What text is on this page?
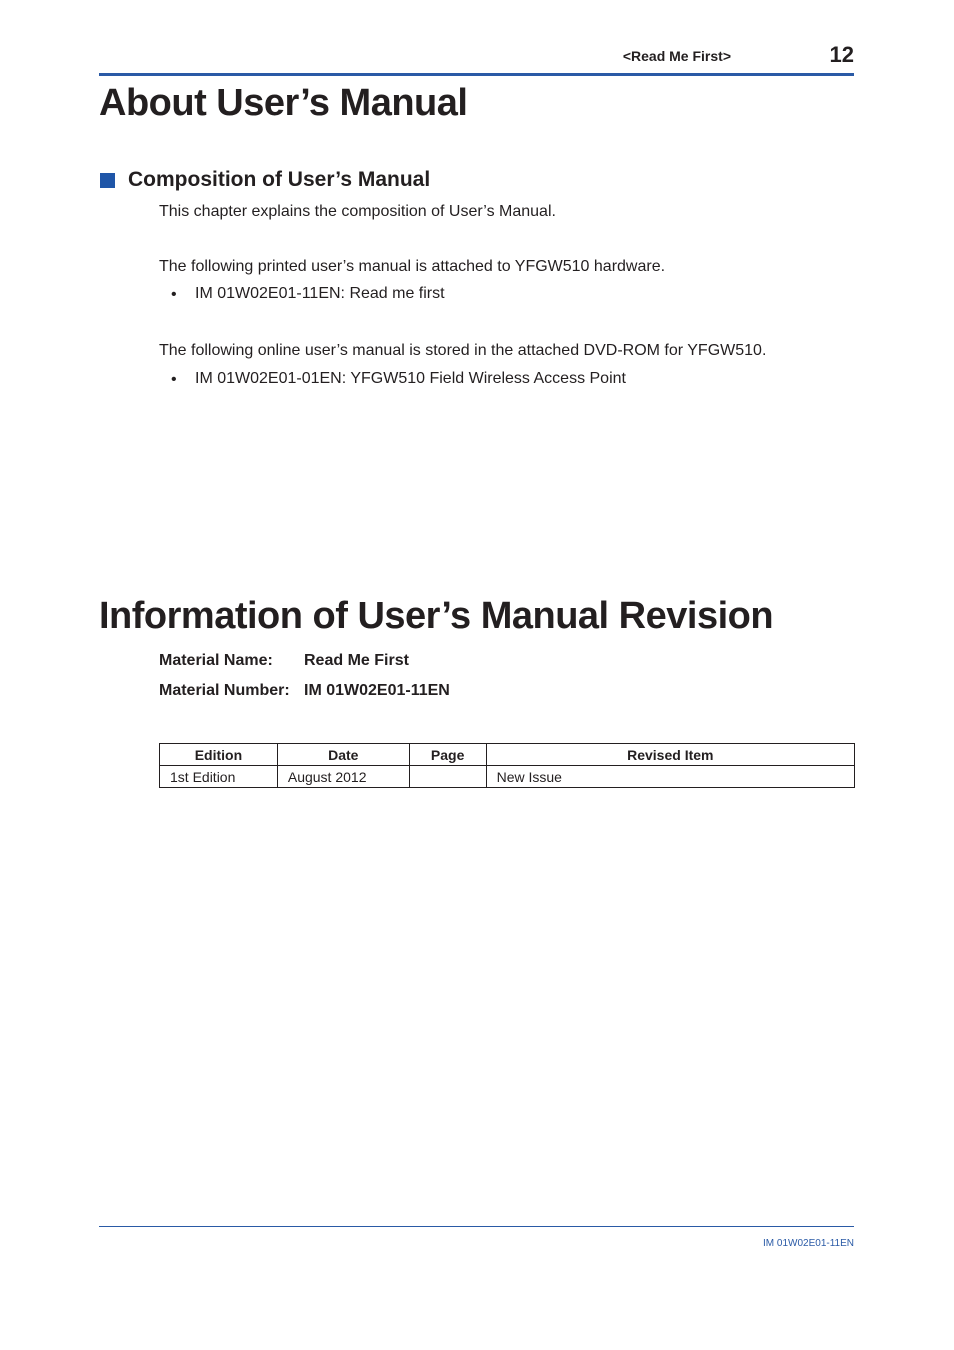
<Read Me First>	12
About User’s Manual
Composition of User’s Manual
This chapter explains the composition of User’s Manual.
The following printed user’s manual is attached to YFGW510 hardware.
• IM 01W02E01-11EN: Read me first
The following online user’s manual is stored in the attached DVD-ROM for YFGW510.
• IM 01W02E01-01EN: YFGW510 Field Wireless Access Point
Information of User’s Manual Revision
Material Name: Read Me First
Material Number: IM 01W02E01-11EN
Edition	Date	Page	Revised Item
1st Edition	August 2012		New Issue
IM 01W02E01-11EN
